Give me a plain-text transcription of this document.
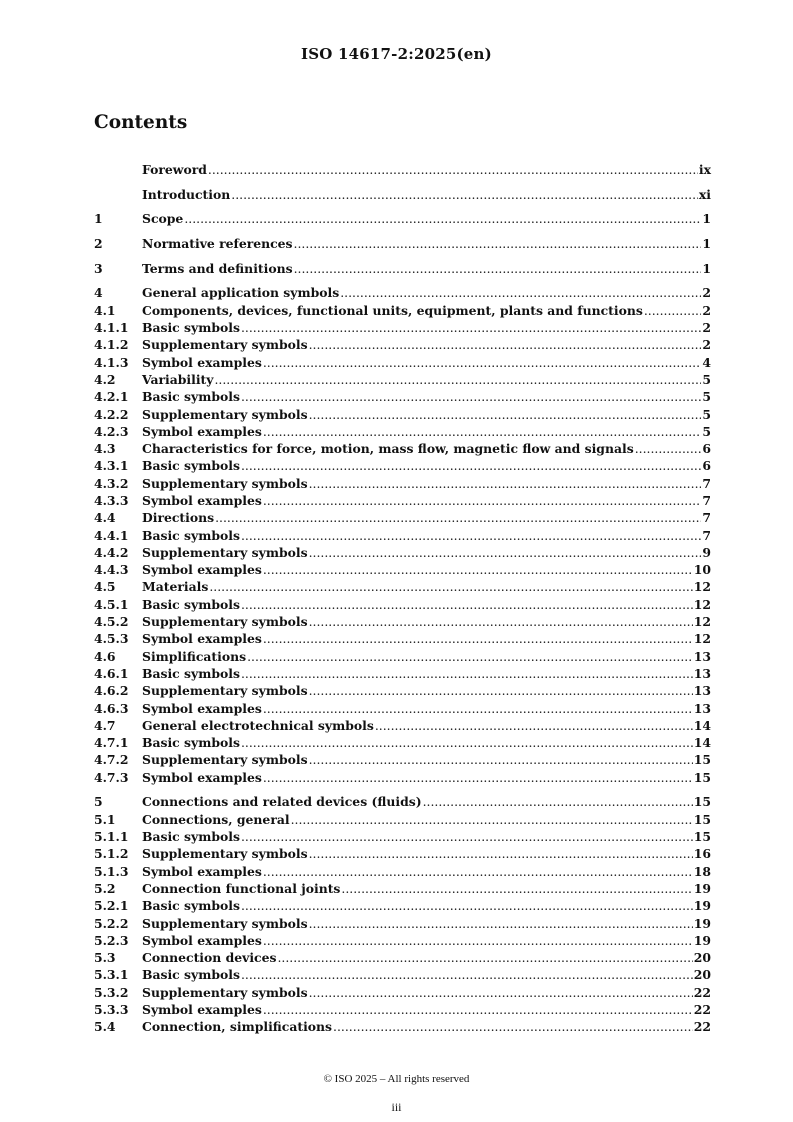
ISO 14617-2:2025(en)
Contents
Foreword .....	ix
Introduction .....	xi
1	Scope .....	1
2	Normative references .....	1
3	Terms and definitions .....	1
4	General application symbols .....	2
4.1	Components, devices, functional units, equipment, plants and functions .....	2
4.1.1	Basic symbols .....	2
4.1.2	Supplementary symbols .....	2
4.1.3	Symbol examples .....	4
4.2	Variability .....	5
4.2.1	Basic symbols .....	5
4.2.2	Supplementary symbols .....	5
4.2.3	Symbol examples .....	5
4.3	Characteristics for force, motion, mass flow, magnetic flow and signals .....	6
4.3.1	Basic symbols .....	6
4.3.2	Supplementary symbols .....	7
4.3.3	Symbol examples .....	7
4.4	Directions .....	7
4.4.1	Basic symbols .....	7
4.4.2	Supplementary symbols .....	9
4.4.3	Symbol examples .....	10
4.5	Materials .....	12
4.5.1	Basic symbols .....	12
4.5.2	Supplementary symbols .....	12
4.5.3	Symbol examples .....	12
4.6	Simplifications .....	13
4.6.1	Basic symbols .....	13
4.6.2	Supplementary symbols .....	13
4.6.3	Symbol examples .....	13
4.7	General electrotechnical symbols .....	14
4.7.1	Basic symbols .....	14
4.7.2	Supplementary symbols .....	15
4.7.3	Symbol examples .....	15
5	Connections and related devices (fluids) .....	15
5.1	Connections, general .....	15
5.1.1	Basic symbols .....	15
5.1.2	Supplementary symbols .....	16
5.1.3	Symbol examples .....	18
5.2	Connection functional joints .....	19
5.2.1	Basic symbols .....	19
5.2.2	Supplementary symbols .....	19
5.2.3	Symbol examples .....	19
5.3	Connection devices .....	20
5.3.1	Basic symbols .....	20
5.3.2	Supplementary symbols .....	22
5.3.3	Symbol examples .....	22
5.4	Connection, simplifications .....	22
© ISO 2025 – All rights reserved
iii
